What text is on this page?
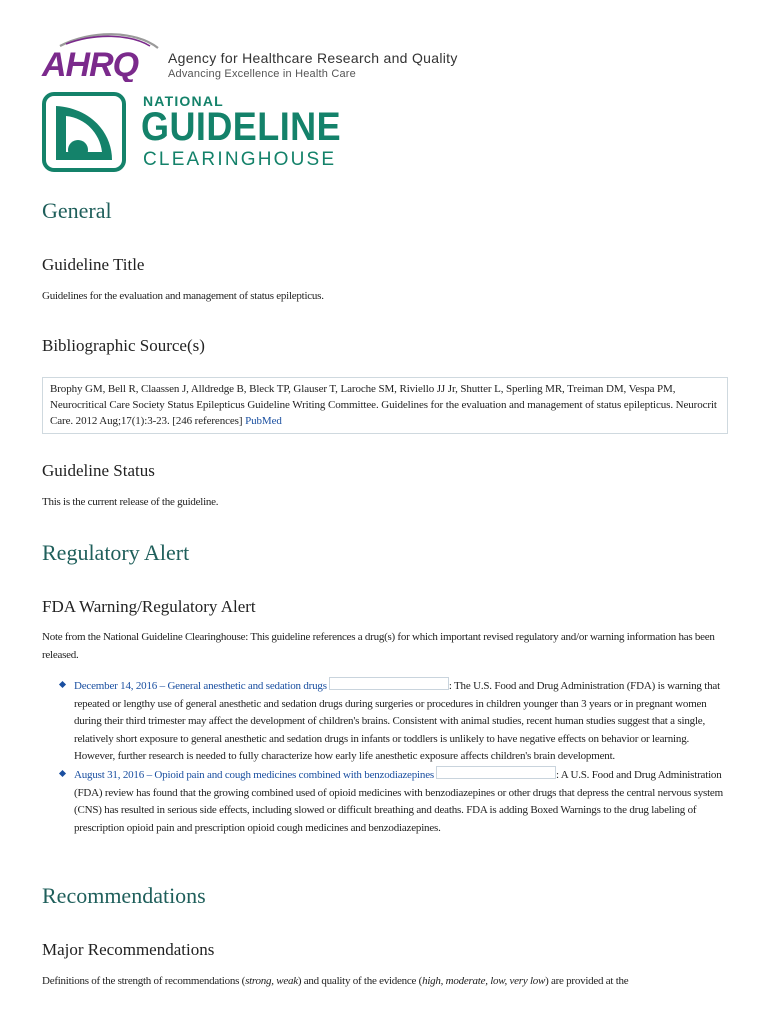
AHRQ Agency for Healthcare Research and Quality
Advancing Excellence in Health Care
NATIONAL
GUIDELINE
CLEARINGHOUSE
General
Guideline Title

Guidelines for the evaluation and management of status epilepticus.

Bibliographic Source(s)
Brophy GM, Bell R, Claassen J, Alldredge B, Bleck TP, Glauser T, Laroche SM, Riviello JJ Jr, Shutter L, Sperling MR, Treiman DM, Vespa PM, Neurocritical Care Society Status Epilepticus Guideline Writing Committee. Guidelines for the evaluation and management of status epilepticus. Neurocrit Care. 2012 Aug;17(1):3-23. [246 references] PubMed
Guideline Status

This is the current release of the guideline.

Regulatory Alert
FDA Warning/Regulatory Alert

Note from the National Guideline Clearinghouse: This guideline references a drug(s) for which important revised regulatory and/or warning information has been released.

December 14, 2016 – General anesthetic and sedation drugs	: The U.S. Food and Drug Administration (FDA) is warning that repeated or lengthy use of general anesthetic and sedation drugs during surgeries or procedures in children younger than 3 years or in pregnant women during their third trimester may affect the development of children's brains. Consistent with animal studies, recent human studies suggest that a single, relatively short exposure to general anesthetic and sedation drugs in infants or toddlers is unlikely to have negative effects on behavior or learning. However, further research is needed to fully characterize how early life anesthetic exposure affects children's brain development.
August 31, 2016 – Opioid pain and cough medicines combined with benzodiazepines	: A U.S. Food and Drug Administration (FDA) review has found that the growing combined used of opioid medicines with benzodiazepines or other drugs that depress the central nervous system (CNS) has resulted in serious side effects, including slowed or difficult breathing and deaths. FDA is adding Boxed Warnings to the drug labeling of prescription opioid pain and prescription opioid cough medicines and benzodiazepines.
Recommendations
Major Recommendations

Definitions of the strength of recommendations (strong, weak) and quality of the evidence (high, moderate, low, very low) are provided at the
